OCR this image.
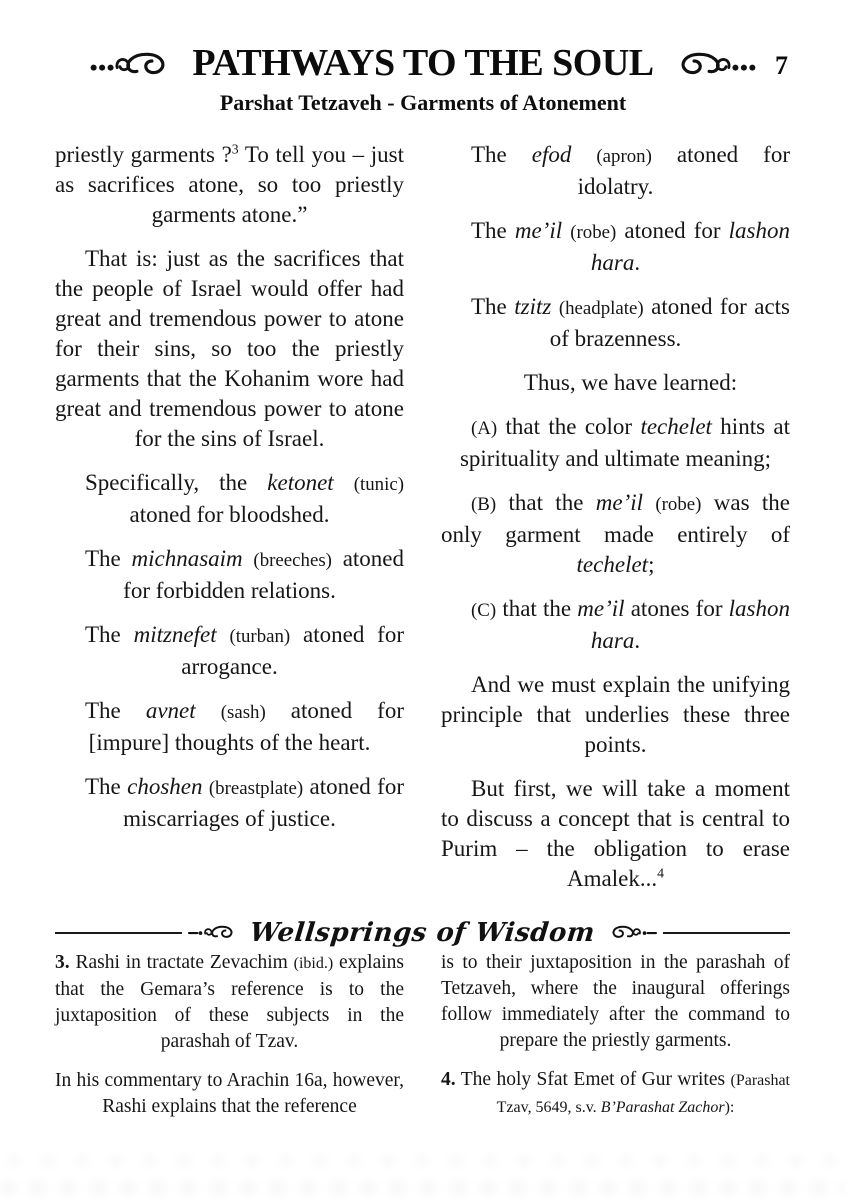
PATHWAYS TO THE SOUL	7
Parshat Tetzaveh - Garments of Atonement

priestly garments ?$^3$ To tell you – just as sacrifices atone, so too priestly garments atone.”

That is: just as the sacrifices that the people of Israel would offer had great and tremendous power to atone for their sins, so too the priestly garments that the Kohanim wore had great and tremendous power to atone for the sins of Israel.

Specifically, the ketonet (tunic) atoned for bloodshed.

The michnasaim (breeches) atoned for forbidden relations.

The mitznefet (turban) atoned for arrogance.

The avnet (sash) atoned for [impure] thoughts of the heart.

The choshen (breastplate) atoned for miscarriages of justice.

The efod (apron) atoned for idolatry.

The me’il (robe) atoned for lashon hara.

The tzitz (headplate) atoned for acts of brazenness.

Thus, we have learned:

(A) that the color techelet hints at spirituality and ultimate meaning;

(B) that the me’il (robe) was the only garment made entirely of techelet;

(C) that the me’il atones for lashon hara.

And we must explain the unifying principle that underlies these three points.

But first, we will take a moment to discuss a concept that is central to Purim – the obligation to erase Amalek...$^4$

Wellsprings of Wisdom

3. Rashi in tractate Zevachim (ibid.) explains that the Gemara’s reference is to the juxtaposition of these subjects in the parashah of Tzav.

In his commentary to Arachin 16a, however, Rashi explains that the reference

is to their juxtaposition in the parashah of Tetzaveh, where the inaugural offerings follow immediately after the command to prepare the priestly garments.

4. The holy Sfat Emet of Gur writes (Parashat Tzav, 5649, s.v. B’Parashat Zachor):
